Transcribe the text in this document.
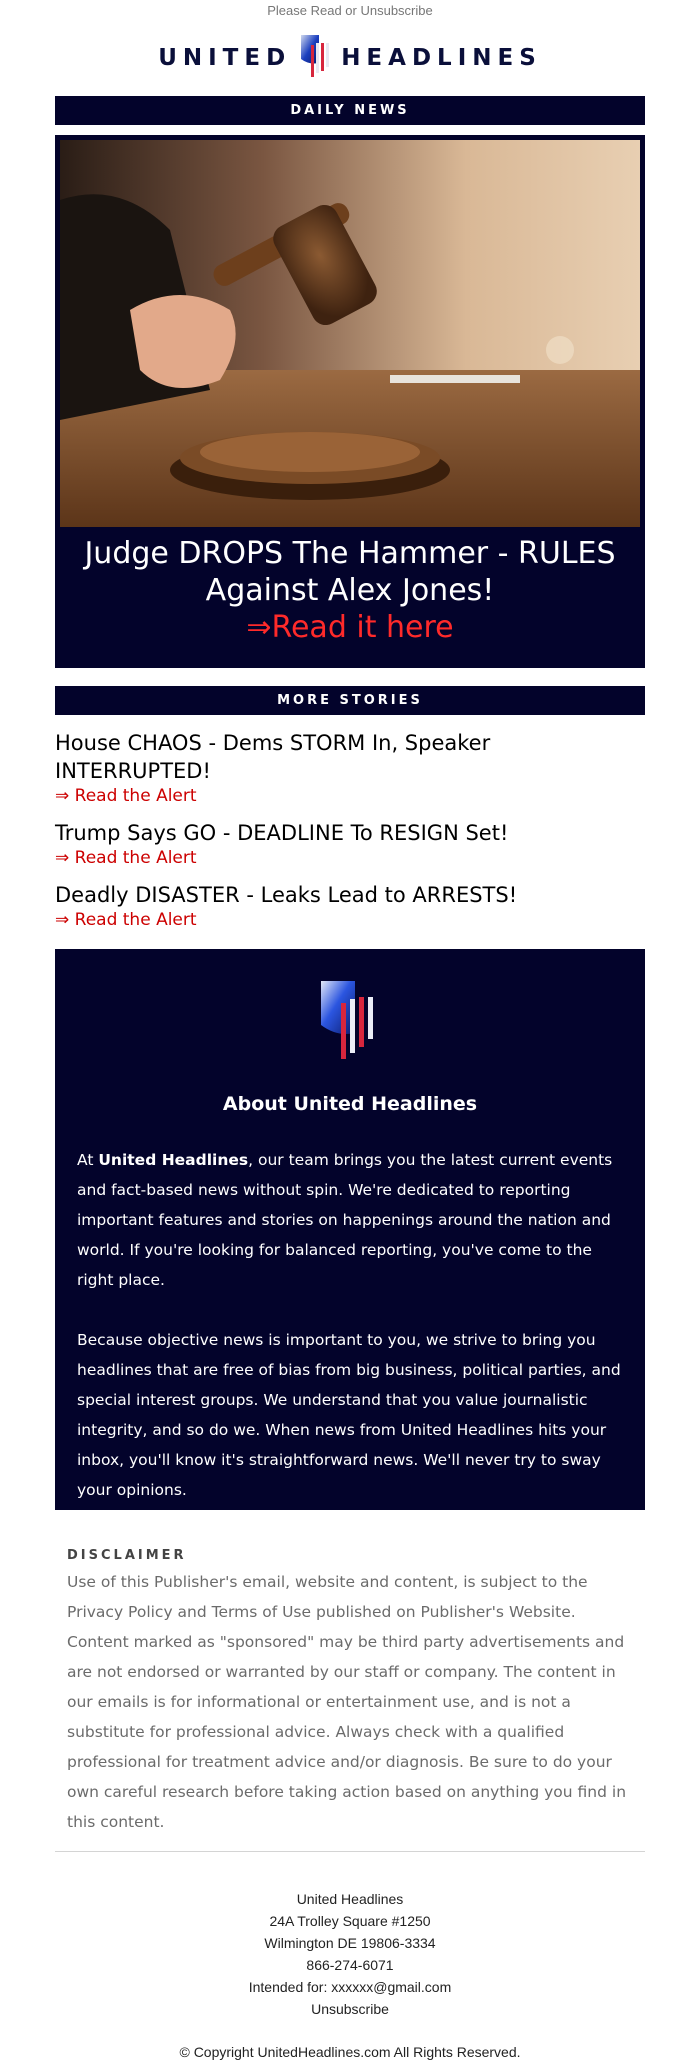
Please Read or Unsubscribe
UNITED HEADLINES
DAILY NEWS
Judge DROPS The Hammer - RULES Against Alex Jones!
⇒Read it here
MORE STORIES
House CHAOS - Dems STORM In, Speaker INTERRUPTED!
⇒ Read the Alert
Trump Says GO - DEADLINE To RESIGN Set!
⇒ Read the Alert
Deadly DISASTER - Leaks Lead to ARRESTS!
⇒ Read the Alert
About United Headlines

At United Headlines, our team brings you the latest current events and fact-based news without spin. We're dedicated to reporting important features and stories on happenings around the nation and world. If you're looking for balanced reporting, you've come to the right place.

Because objective news is important to you, we strive to bring you headlines that are free of bias from big business, political parties, and special interest groups. We understand that you value journalistic integrity, and so do we. When news from United Headlines hits your inbox, you'll know it's straightforward news. We'll never try to sway your opinions.

DISCLAIMER
Use of this Publisher's email, website and content, is subject to the Privacy Policy and Terms of Use published on Publisher's Website. Content marked as "sponsored" may be third party advertisements and are not endorsed or warranted by our staff or company. The content in our emails is for informational or entertainment use, and is not a substitute for professional advice. Always check with a qualified professional for treatment advice and/or diagnosis. Be sure to do your own careful research before taking action based on anything you find in this content.
United Headlines
24A Trolley Square #1250
Wilmington DE 19806-3334
866-274-6071
Intended for: xxxxxx@gmail.com
Unsubscribe
© Copyright UnitedHeadlines.com All Rights Reserved.
